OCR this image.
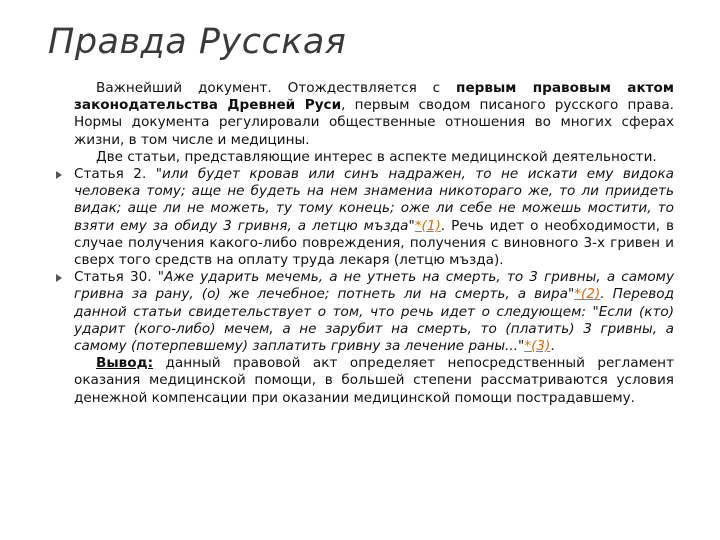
Правда Русская

Важнейший документ. Отождествляется с первым правовым актом законодательства Древней Руси, первым сводом писаного русского права. Нормы документа регулировали общественные отношения во многих сферах жизни, в том числе и медицины.

Две статьи, представляющие интерес в аспекте медицинской деятельности.

Статья 2. "или будет кровав или синъ надражен, то не искати ему видока человека тому; аще не будеть на нем знамениа никотораго же, то ли приидеть видак; аще ли не можеть, ту тому конець; оже ли себе не можешь мостити, то взяти ему за обиду 3 гривня, а летцю мъзда"*(1). Речь идет о необходимости, в случае получения какого-либо повреждения, получения с виновного 3-х гривен и сверх того средств на оплату труда лекаря (летцю мъзда).

Статья 30. "Аже ударить мечемь, а не утнеть на смерть, то 3 гривны, а самому гривна за рану, (о) же лечебное; потнеть ли на смерть, а вира"*(2). Перевод данной статьи свидетельствует о том, что речь идет о следующем: "Если (кто) ударит (кого-либо) мечем, а не зарубит на смерть, то (платить) 3 гривны, а самому (потерпевшему) заплатить гривну за лечение раны..."*(3).

Вывод: данный правовой акт определяет непосредственный регламент оказания медицинской помощи, в большей степени рассматриваются условия денежной компенсации при оказании медицинской помощи пострадавшему.
